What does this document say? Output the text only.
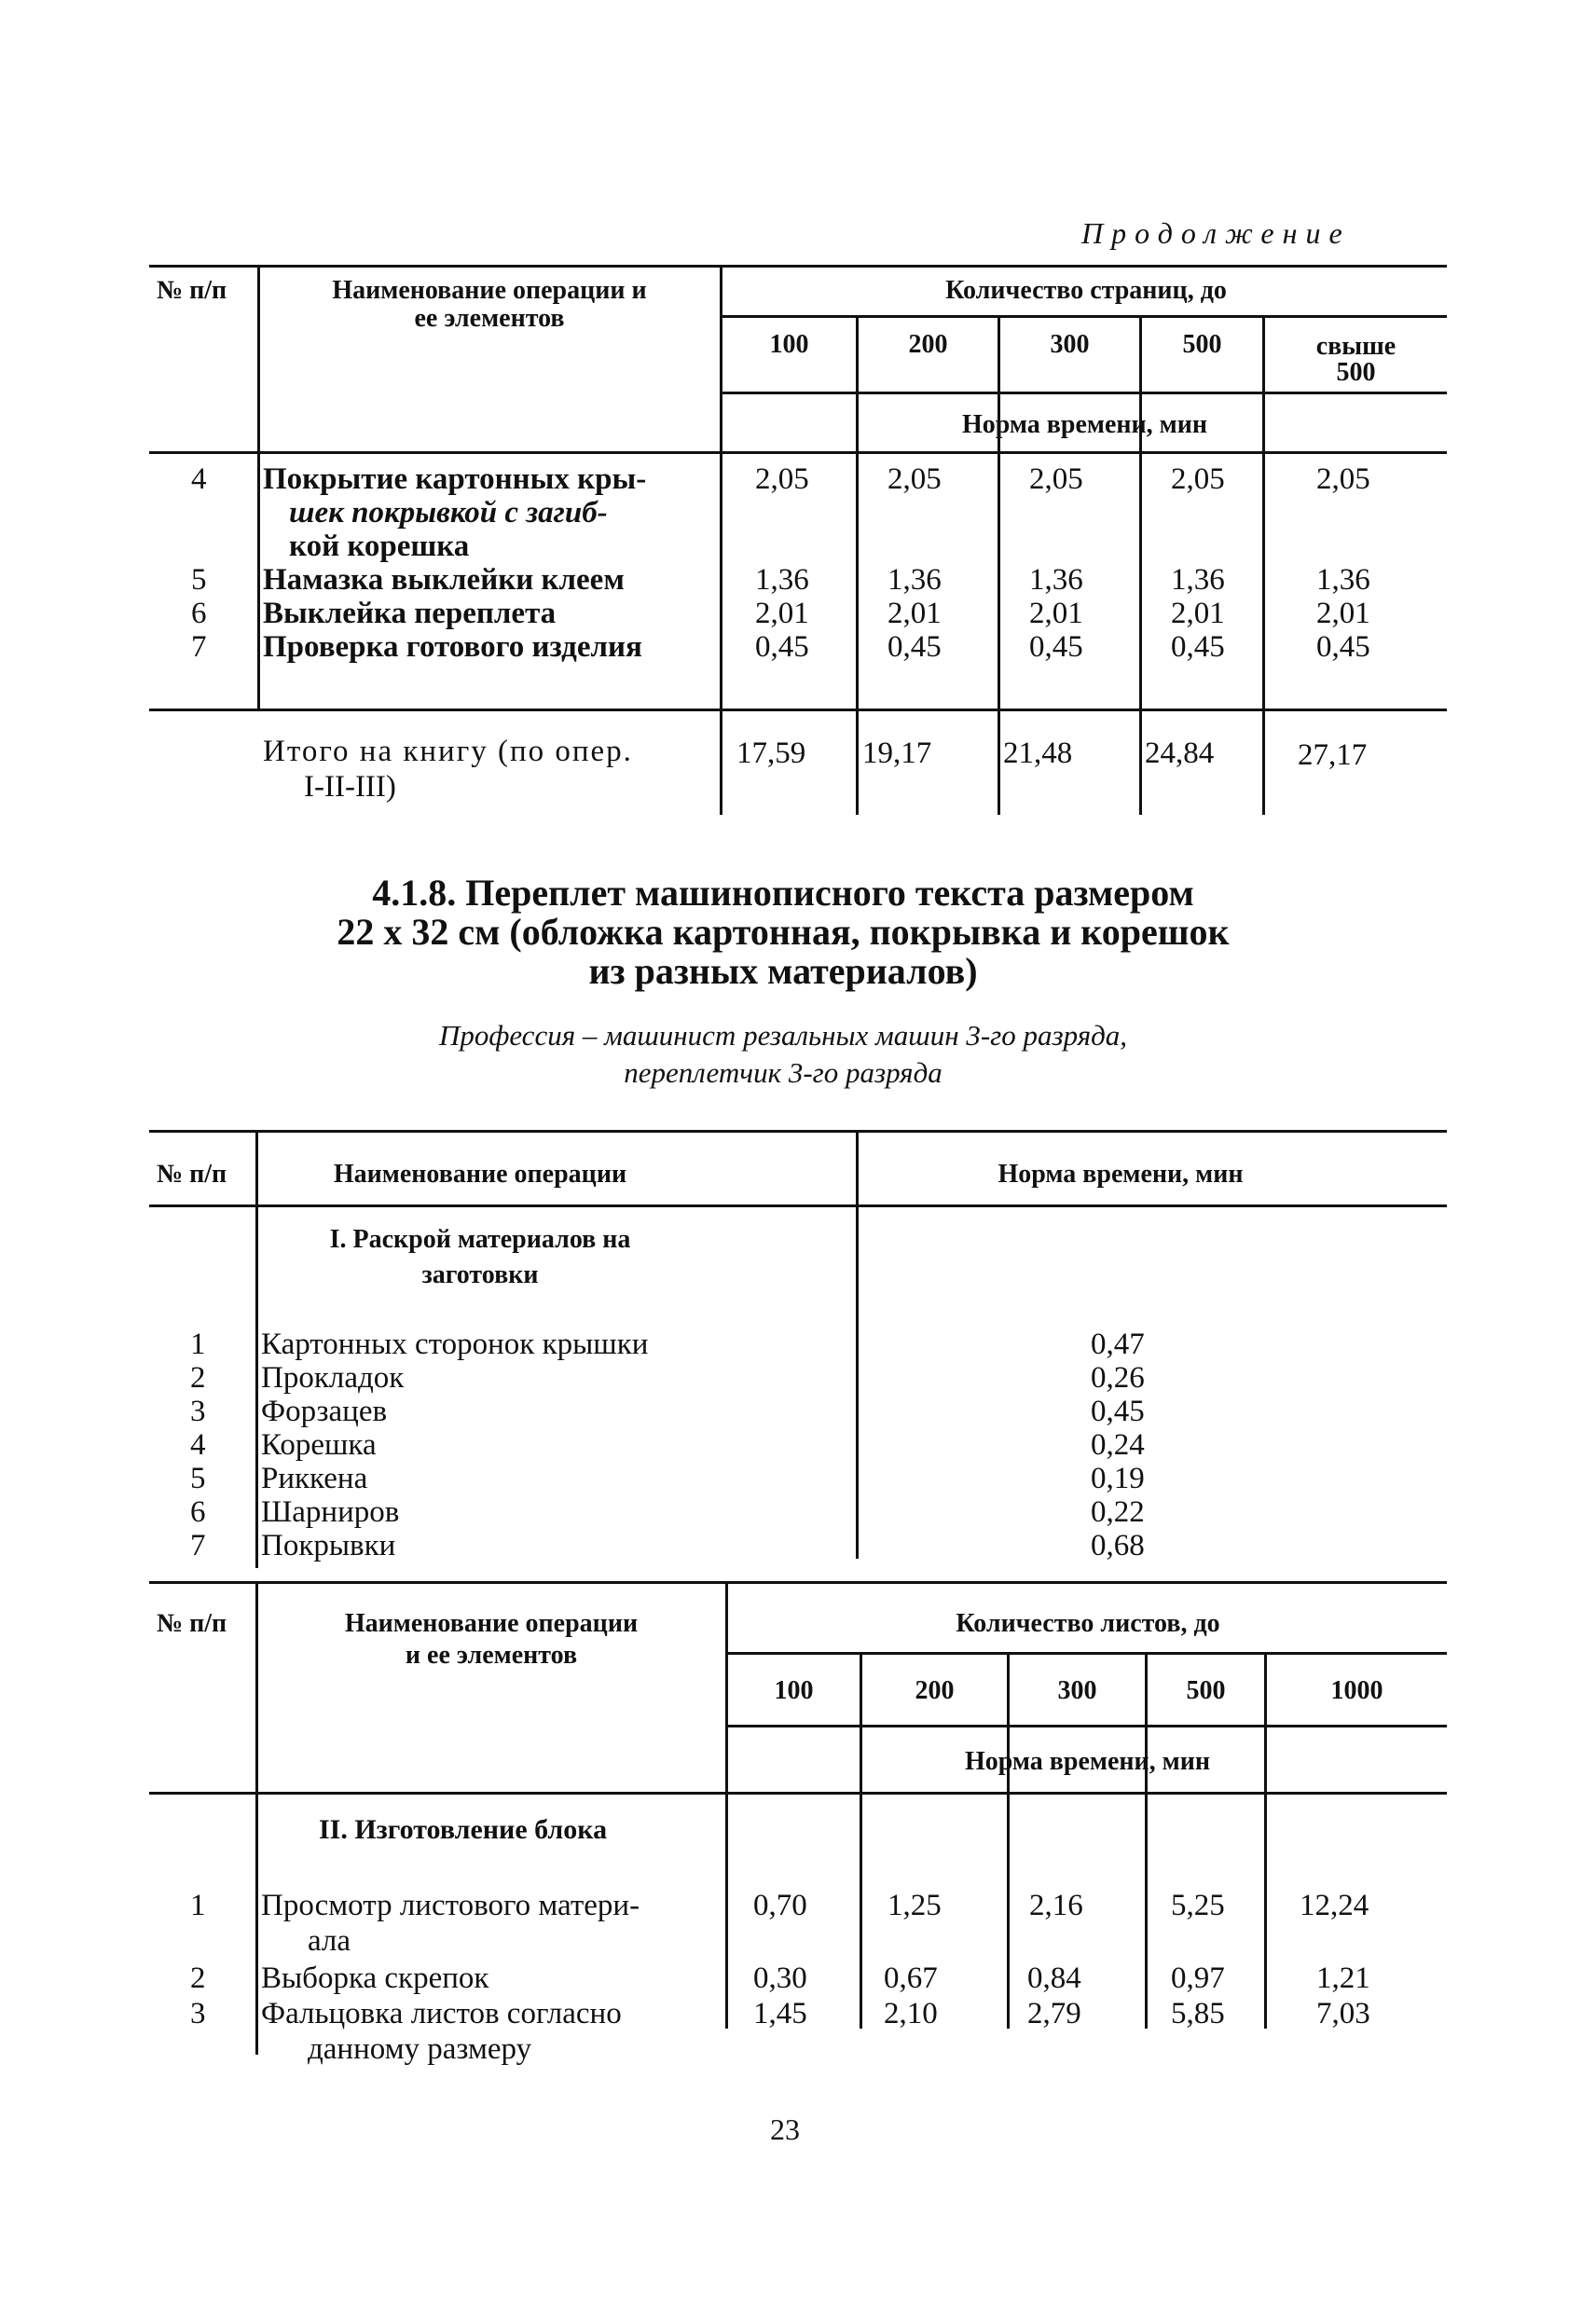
Продолжение
№ п/п	Наименование операции и
ее элементов
Количество страниц, до
100	200	300	500	свыше
500
Норма времени, мин
4 Покрытие картонных кры-
шек покрывкой с загиб-
кой корешка
2,05	2,05	2,05	2,05	2,05
5 Намазка выклейки клеем	1,36	1,36	1,36	1,36	1,36
6 Выклейка переплета	2,01	2,01	2,01	2,01	2,01
7 Проверка готового изделия	0,45	0,45	0,45	0,45	0,45
Итого на книгу (по опер.
I-II-III)
17,59 19,17 21,48 24,84	27,17
4.1.8. Переплет машинописного текста размером
22 х 32 см (обложка картонная, покрывка и корешок
из разных материалов)
Профессия – машинист резальных машин 3-го разряда,
переплетчик 3-го разряда
№ п/п	Наименование операции	Норма времени, мин
I. Раскрой материалов на
заготовки
1 Картонных сторонок крышки	0,47
2 Прокладок	0,26
3 Форзацев	0,45
4 Корешка	0,24
5 Риккена	0,19
6 Шарниров	0,22
7 Покрывки	0,68
№ п/п	Наименование операции
и ее элементов
Количество листов, до
100	200	300	500	1000
Норма времени, мин
II. Изготовление блока
1 Просмотр листового матери-
ала
0,70	1,25	2,16	5,25 12,24
2 Выборка скрепок	0,30 0,67	0,84	0,97	1,21
3 Фальцовка листов согласно
данному размеру
1,45 2,10	2,79	5,85	7,03
23
